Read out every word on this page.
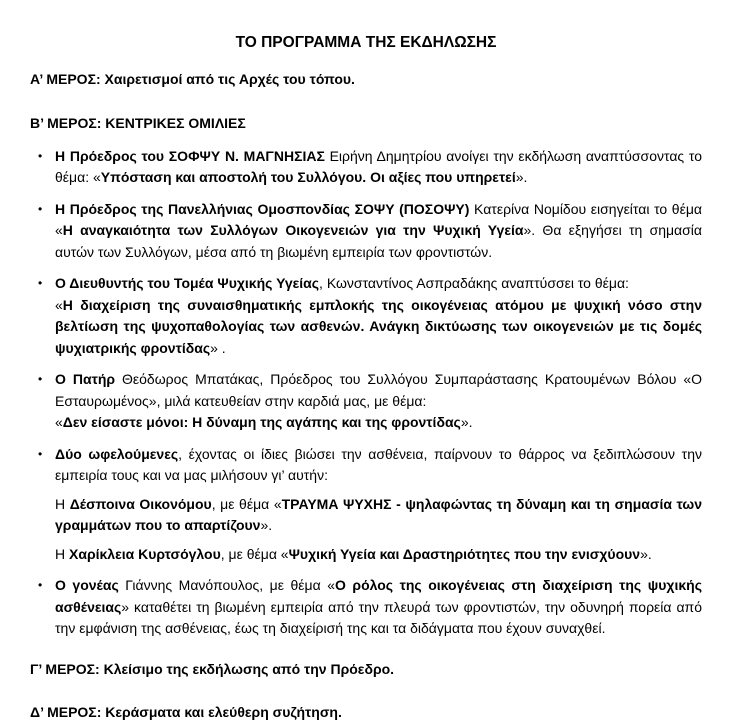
ΤΟ ΠΡΟΓΡΑΜΜΑ ΤΗΣ ΕΚΔΗΛΩΣΗΣ

Α’ ΜΕΡΟΣ: Χαιρετισμοί από τις Αρχές του τόπου.

Β’ ΜΕΡΟΣ: ΚΕΝΤΡΙΚΕΣ ΟΜΙΛΙΕΣ

• Η Πρόεδρος του ΣΟΦΨΥ Ν. ΜΑΓΝΗΣΙΑΣ Ειρήνη Δημητρίου ανοίγει την εκδήλωση αναπτύσσοντας το θέμα: «Υπόσταση και αποστολή του Συλλόγου. Οι αξίες που υπηρετεί».

• Η Πρόεδρος της Πανελλήνιας Ομοσπονδίας ΣΟΨΥ (ΠΟΣΟΨΥ) Κατερίνα Νομίδου εισηγείται το θέμα «Η αναγκαιότητα των Συλλόγων Οικογενειών για την Ψυχική Υγεία». Θα εξηγήσει τη σημασία αυτών των Συλλόγων, μέσα από τη βιωμένη εμπειρία των φροντιστών.

• Ο Διευθυντής του Τομέα Ψυχικής Υγείας, Κωνσταντίνος Ασπραδάκης αναπτύσσει το θέμα:

«Η διαχείριση της συναισθηματικής εμπλοκής της οικογένειας ατόμου με ψυχική νόσο στην βελτίωση της ψυχοπαθολογίας των ασθενών. Ανάγκη δικτύωσης των οικογενειών με τις δομές ψυχιατρικής φροντίδας» .

• Ο Πατήρ Θεόδωρος Μπατάκας, Πρόεδρος του Συλλόγου Συμπαράστασης Κρατουμένων Βόλου «Ο Εσταυρωμένος», μιλά κατευθείαν στην καρδιά μας, με θέμα:

«Δεν είσαστε μόνοι: Η δύναμη της αγάπης και της φροντίδας».

• Δύο ωφελούμενες, έχοντας οι ίδιες βιώσει την ασθένεια, παίρνουν το θάρρος να ξεδιπλώσουν την εμπειρία τους και να μας μιλήσουν γι’ αυτήν:

Η Δέσποινα Οικονόμου, με θέμα «ΤΡΑΥΜΑ ΨΥΧΗΣ - ψηλαφώντας τη δύναμη και τη σημασία των γραμμάτων που το απαρτίζουν».

Η Χαρίκλεια Κυρτσόγλου, με θέμα «Ψυχική Υγεία και Δραστηριότητες που την ενισχύουν».

• Ο γονέας Γιάννης Μανόπουλος, με θέμα «Ο ρόλος της οικογένειας στη διαχείριση της ψυχικής ασθένειας» καταθέτει τη βιωμένη εμπειρία από την πλευρά των φροντιστών, την οδυνηρή πορεία από την εμφάνιση της ασθένειας, έως τη διαχείρισή της και τα διδάγματα που έχουν συναχθεί.

Γ’ ΜΕΡΟΣ: Κλείσιμο της εκδήλωσης από την Πρόεδρο.

Δ’ ΜΕΡΟΣ: Κεράσματα και ελεύθερη συζήτηση.
